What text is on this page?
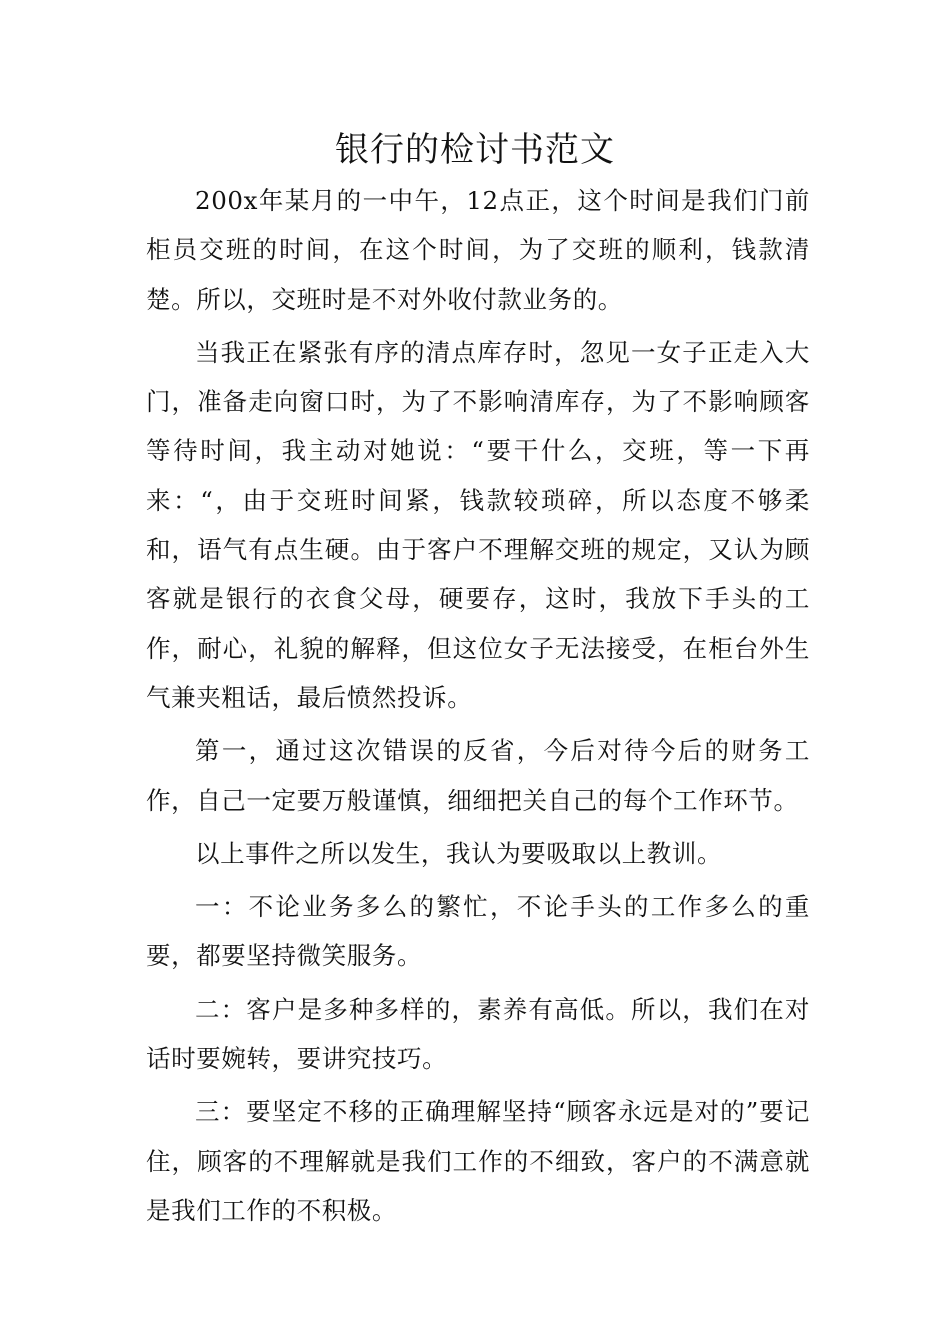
银行的检讨书范文

200x年某月的一中午，12点正，这个时间是我们门前柜员交班的时间，在这个时间，为了交班的顺利，钱款清楚。所以，交班时是不对外收付款业务的。

当我正在紧张有序的清点库存时，忽见一女子正走入大门，准备走向窗口时，为了不影响清库存，为了不影响顾客等待时间，我主动对她说：“要干什么，交班，等一下再来：“，由于交班时间紧，钱款较琐碎，所以态度不够柔和，语气有点生硬。由于客户不理解交班的规定，又认为顾客就是银行的衣食父母，硬要存，这时，我放下手头的工作，耐心，礼貌的解释，但这位女子无法接受，在柜台外生气兼夹粗话，最后愤然投诉。

第一，通过这次错误的反省，今后对待今后的财务工作，自己一定要万般谨慎，细细把关自己的每个工作环节。

以上事件之所以发生，我认为要吸取以上教训。

一：不论业务多么的繁忙，不论手头的工作多么的重要，都要坚持微笑服务。

二：客户是多种多样的，素养有高低。所以，我们在对话时要婉转，要讲究技巧。

三：要坚定不移的正确理解坚持“顾客永远是对的”要记住，顾客的不理解就是我们工作的不细致，客户的不满意就是我们工作的不积极。
